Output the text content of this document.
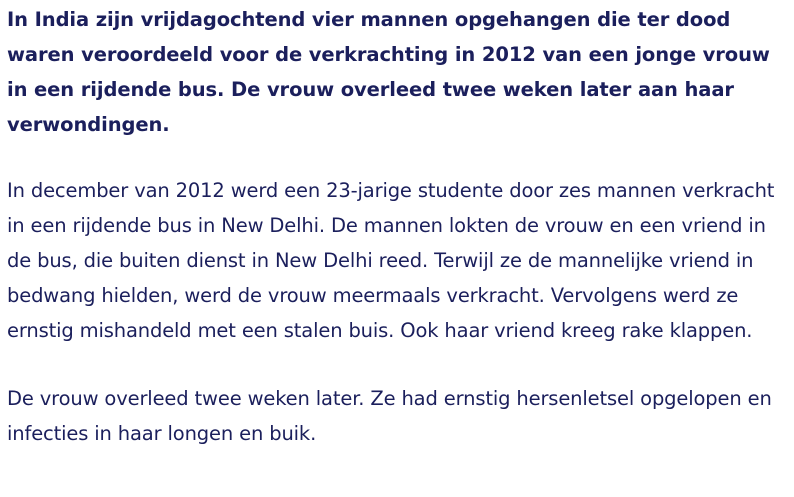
In India zijn vrijdagochtend vier mannen opgehangen die ter dood waren veroordeeld voor de verkrachting in 2012 van een jonge vrouw in een rijdende bus. De vrouw overleed twee weken later aan haar verwondingen.

In december van 2012 werd een 23-jarige studente door zes mannen verkracht in een rijdende bus in New Delhi. De mannen lokten de vrouw en een vriend in de bus, die buiten dienst in New Delhi reed. Terwijl ze de mannelijke vriend in bedwang hielden, werd de vrouw meermaals verkracht. Vervolgens werd ze ernstig mishandeld met een stalen buis. Ook haar vriend kreeg rake klappen.

De vrouw overleed twee weken later. Ze had ernstig hersenletsel opgelopen en infecties in haar longen en buik.
